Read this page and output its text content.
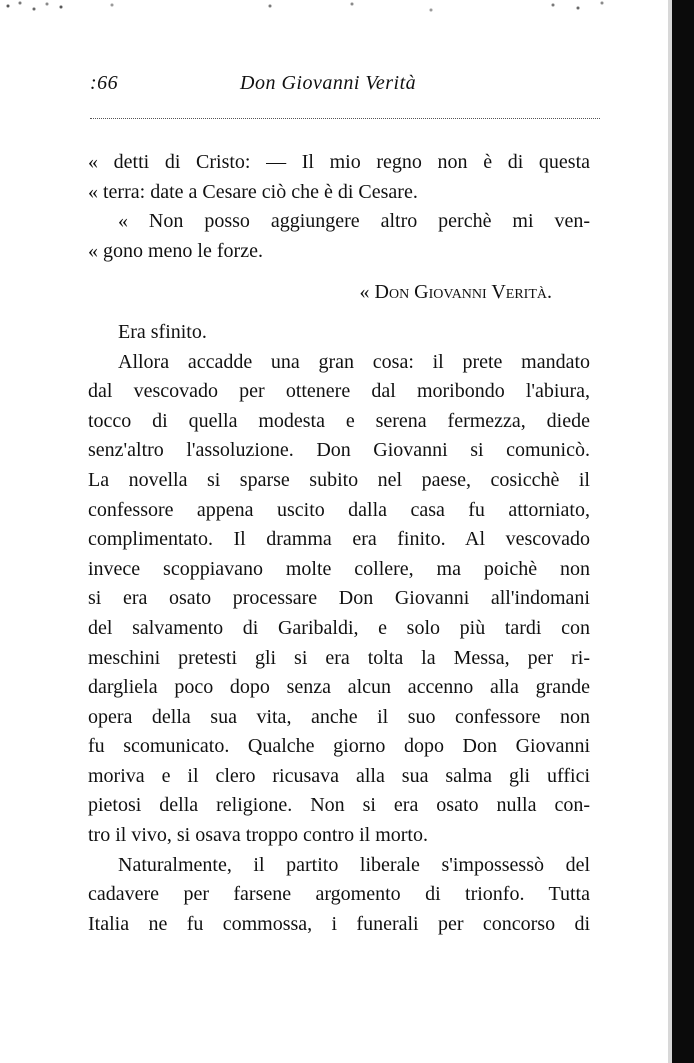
:66	Don Giovanni Verità
« detti di Cristo: — Il mio regno non è di questa
« terra: date a Cesare ciò che è di Cesare.
« Non posso aggiungere altro perchè mi ven-
« gono meno le forze.
« Don Giovanni Verità.
Era sfinito.
Allora accadde una gran cosa: il prete mandato
dal vescovado per ottenere dal moribondo l'abiura,
tocco di quella modesta e serena fermezza, diede
senz'altro l'assoluzione. Don Giovanni si comunicò.
La novella si sparse subito nel paese, cosicchè il
confessore appena uscito dalla casa fu attorniato,
complimentato. Il dramma era finito. Al vescovado
invece scoppiavano molte collere, ma poichè non
si era osato processare Don Giovanni all'indomani
del salvamento di Garibaldi, e solo più tardi con
meschini pretesti gli si era tolta la Messa, per ri-
dargliela poco dopo senza alcun accenno alla grande
opera della sua vita, anche il suo confessore non
fu scomunicato. Qualche giorno dopo Don Giovanni
moriva e il clero ricusava alla sua salma gli uffici
pietosi della religione. Non si era osato nulla con-
tro il vivo, si osava troppo contro il morto.
Naturalmente, il partito liberale s'impossessò del
cadavere per farsene argomento di trionfo. Tutta
Italia ne fu commossa, i funerali per concorso di
